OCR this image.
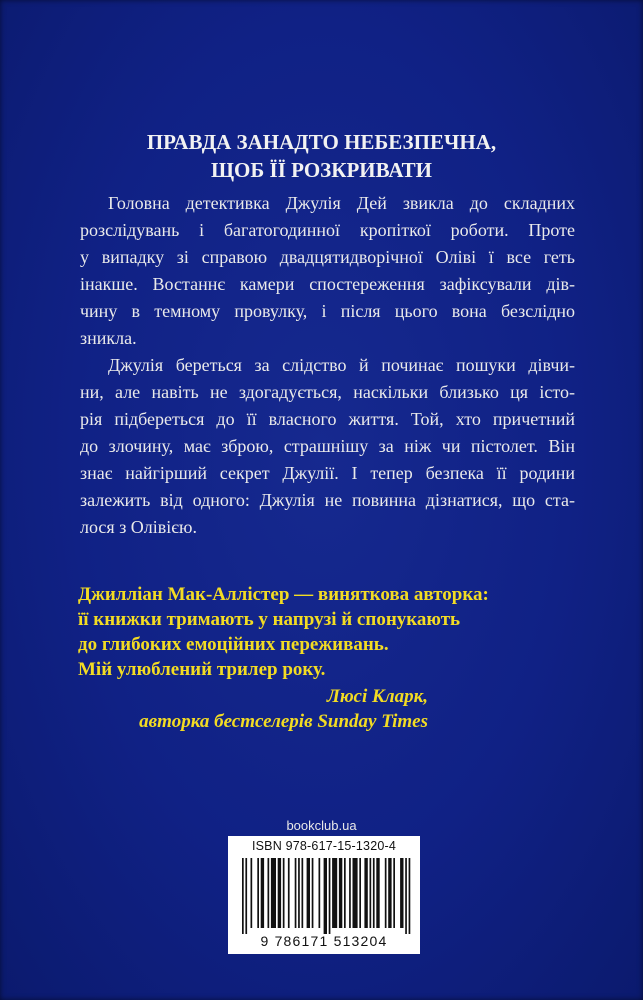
ПРАВДА ЗАНАДТО НЕБЕЗПЕЧНА,
ЩОБ ЇЇ РОЗКРИВАТИ

Головна детективка Джулія Дей звикла до складних
розслідувань і багатогодинної кропіткої роботи. Проте
у випадку зі справою двадцятидворічної Оліві ї все геть
інакше. Востаннє камери спостереження зафіксували дів-
чину в темному провулку, і після цього вона безслідно
зникла.

Джулія береться за слідство й починає пошуки дівчи-
ни, але навіть не здогадується, наскільки близько ця істо-
рія підбереться до її власного життя. Той, хто причетний
до злочину, має зброю, страшнішу за ніж чи пістолет. Він
знає найгірший секрет Джулії. І тепер безпека її родини
залежить від одного: Джулія не повинна дізнатися, що ста-
лося з Олівією.

Джиллiан Мак-Аллiстер — винятковa авторка:
її книжки тримають у напрузі й спонукають
до глибоких емоційних переживань.
Мій улюблений трилер року.
Люсі Кларк,
авторка бестселерів Sunday Times
bookclub.ua
ISBN 978-617-15-1320-4
9 786171 513204
